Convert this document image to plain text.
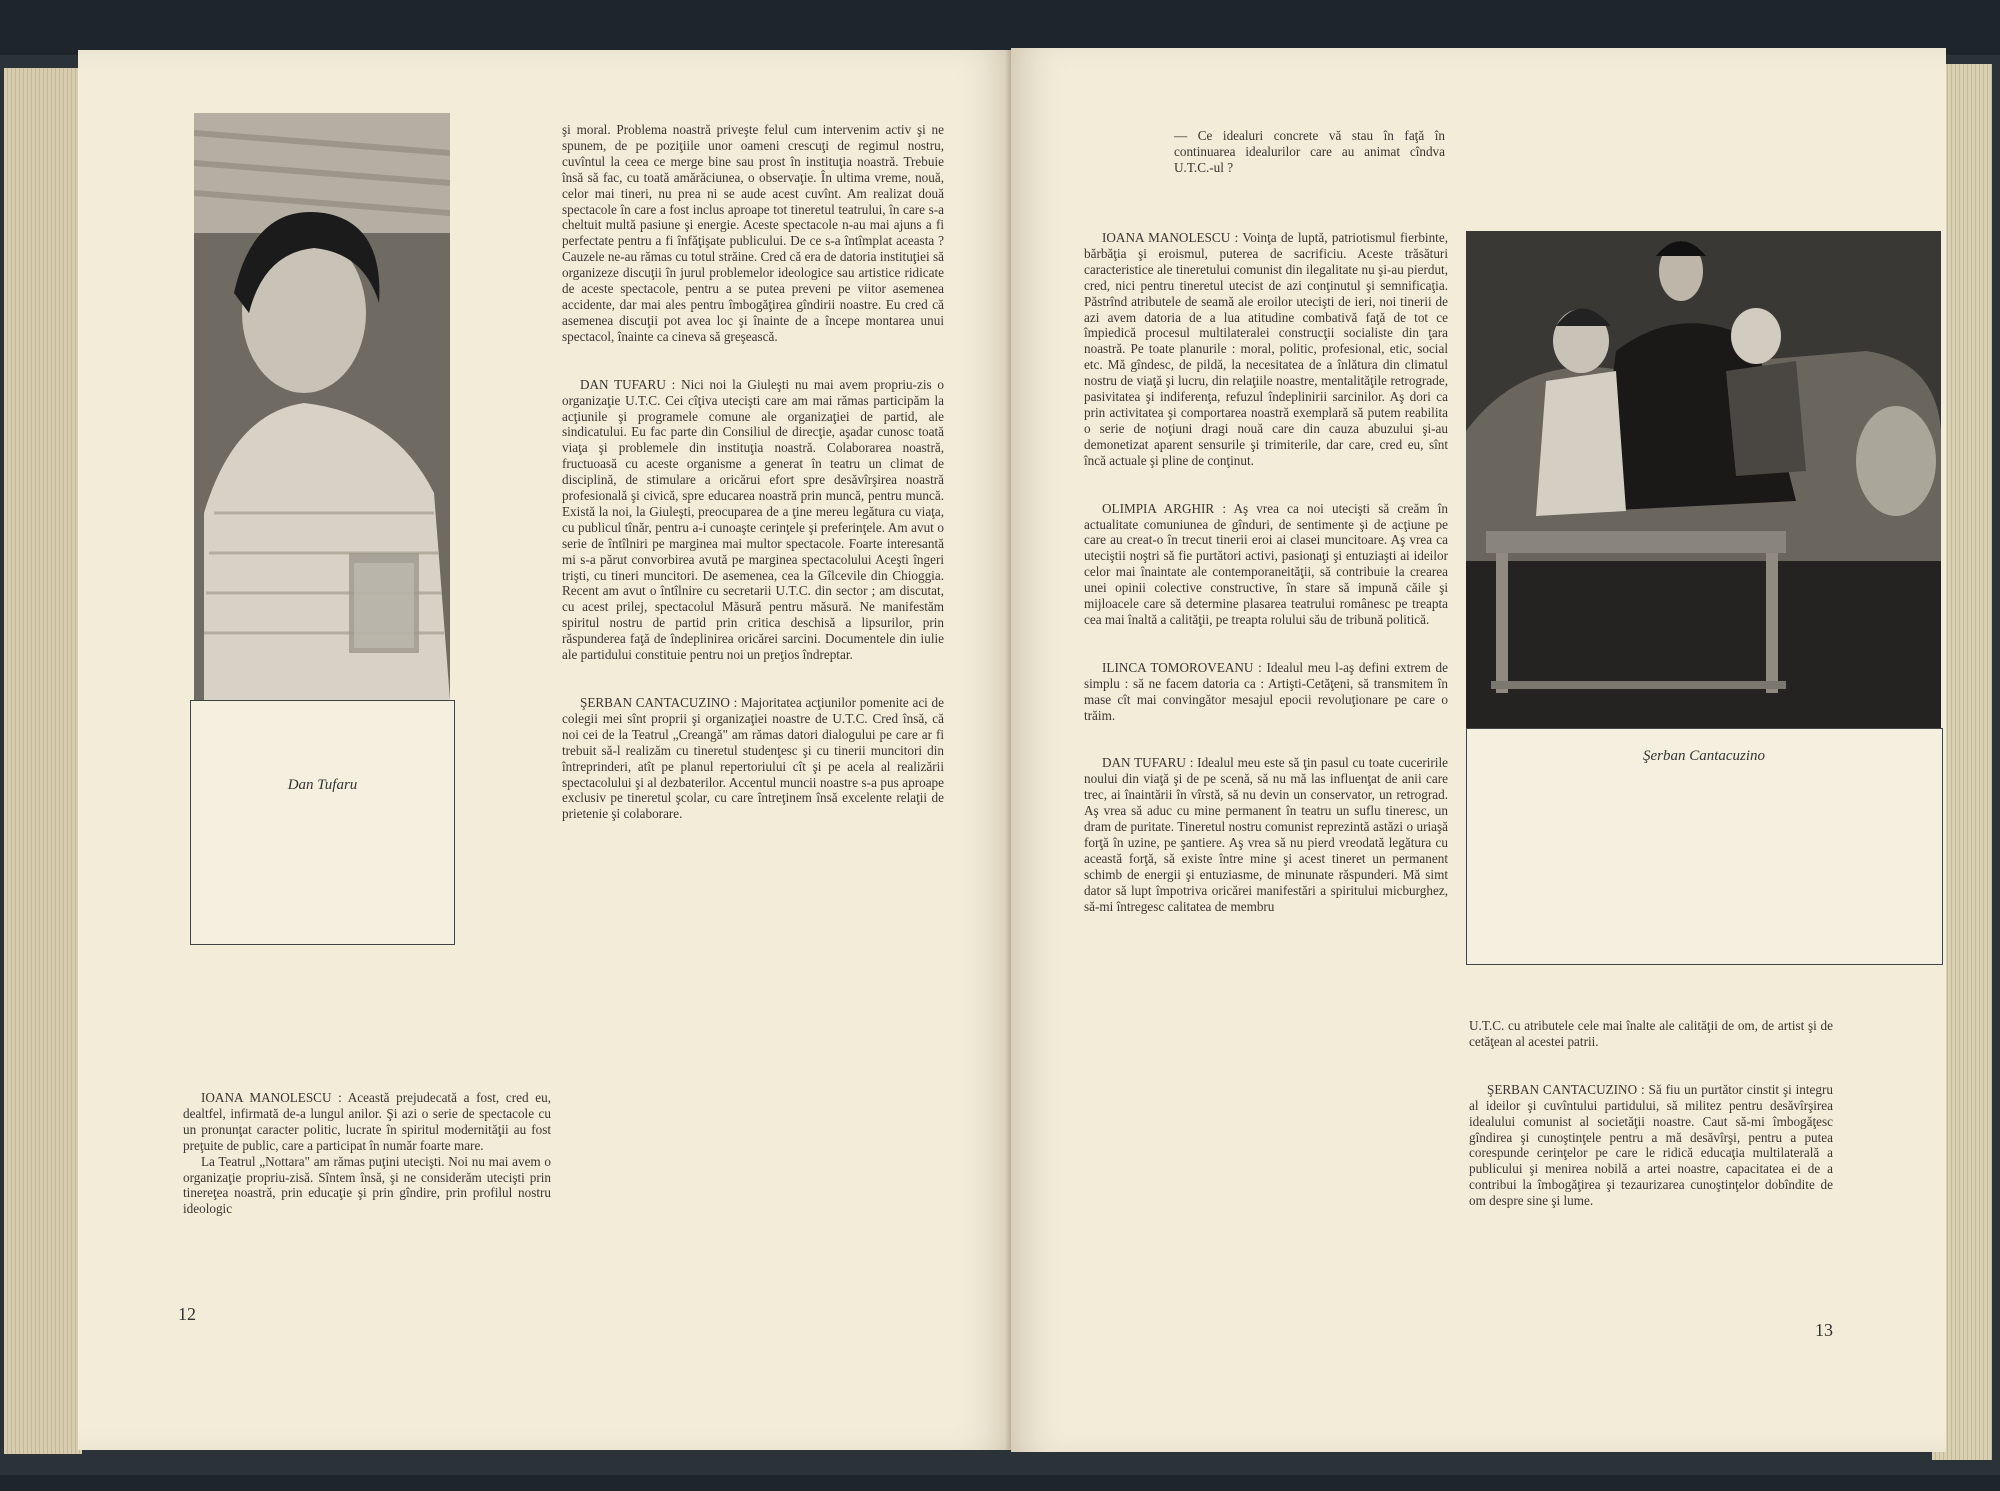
Dan Tufaru

şi moral. Problema noastră priveşte felul cum intervenim activ şi ne spunem, de pe poziţiile unor oameni crescuţi de regimul nostru, cuvîntul la ceea ce merge bine sau prost în instituţia noastră. Trebuie însă să fac, cu toată amărăciunea, o observaţie. În ultima vreme, nouă, celor mai tineri, nu prea ni se aude acest cuvînt. Am realizat două spectacole în care a fost inclus aproape tot tineretul teatrului, în care s-a cheltuit multă pasiune şi energie. Aceste spectacole n-au mai ajuns a fi perfectate pentru a fi înfăţişate publicului. De ce s-a întîmplat aceasta ? Cauzele ne-au rămas cu totul străine. Cred că era de datoria instituţiei să organizeze discuţii în jurul problemelor ideologice sau artistice ridicate de aceste spectacole, pentru a se putea preveni pe viitor asemenea accidente, dar mai ales pentru îmbogăţirea gîndirii noastre. Eu cred că asemenea discuţii pot avea loc şi înainte de a începe montarea unui spectacol, înainte ca cineva să greşească.

DAN TUFARU : Nici noi la Giuleşti nu mai avem propriu-zis o organizaţie U.T.C. Cei cîţiva utecişti care am mai rămas participăm la acţiunile şi programele comune ale organizaţiei de partid, ale sindicatului. Eu fac parte din Consiliul de direcţie, aşadar cunosc toată viaţa şi problemele din instituţia noastră. Colaborarea noastră, fructuoasă cu aceste organisme a generat în teatru un climat de disciplină, de stimulare a oricărui efort spre desăvîrşirea noastră profesională şi civică, spre educarea noastră prin muncă, pentru muncă. Există la noi, la Giuleşti, preocuparea de a ţine mereu legătura cu viaţa, cu publicul tînăr, pentru a-i cunoaşte cerinţele şi preferinţele. Am avut o serie de întîlniri pe marginea mai multor spectacole. Foarte interesantă mi s-a părut convorbirea avută pe marginea spectacolului Aceşti îngeri trişti, cu tineri muncitori. De asemenea, cea la Gîlcevile din Chioggia. Recent am avut o întîlnire cu secretarii U.T.C. din sector ; am discutat, cu acest prilej, spectacolul Măsură pentru măsură. Ne manifestăm spiritul nostru de partid prin critica deschisă a lipsurilor, prin răspunderea faţă de îndeplinirea oricărei sarcini. Documentele din iulie ale partidului constituie pentru noi un preţios îndreptar.

ŞERBAN CANTACUZINO : Majoritatea acţiunilor pomenite aci de colegii mei sînt proprii şi organizaţiei noastre de U.T.C. Cred însă, că noi cei de la Teatrul „Creangă" am rămas datori dialogului pe care ar fi trebuit să-l realizăm cu tineretul studenţesc şi cu tinerii muncitori din întreprinderi, atît pe planul repertoriului cît şi pe acela al realizării spectacolului şi al dezbaterilor. Accentul muncii noastre s-a pus aproape exclusiv pe tineretul şcolar, cu care întreţinem însă excelente relaţii de prietenie şi colaborare.

IOANA MANOLESCU : Această prejudecată a fost, cred eu, dealtfel, infirmată de-a lungul anilor. Şi azi o serie de spectacole cu un pronunţat caracter politic, lucrate în spiritul modernităţii au fost preţuite de public, care a participat în număr foarte mare.

La Teatrul „Nottara" am rămas puţini utecişti. Noi nu mai avem o organizaţie propriu-zisă. Sîntem însă, şi ne considerăm utecişti prin tinereţea noastră, prin educaţie şi prin gîndire, prin profilul nostru ideologic

12

— Ce idealuri concrete vă stau în faţă în continuarea idealurilor care au animat cîndva U.T.C.-ul ?

IOANA MANOLESCU : Voinţa de luptă, patriotismul fierbinte, bărbăţia şi eroismul, puterea de sacrificiu. Aceste trăsături caracteristice ale tineretului comunist din ilegalitate nu şi-au pierdut, cred, nici pentru tineretul utecist de azi conţinutul şi semnificaţia. Păstrînd atributele de seamă ale eroilor utecişti de ieri, noi tinerii de azi avem datoria de a lua atitudine combativă faţă de tot ce împiedică procesul multilateralei construcţii socialiste din ţara noastră. Pe toate planurile : moral, politic, profesional, etic, social etc. Mă gîndesc, de pildă, la necesitatea de a înlătura din climatul nostru de viaţă şi lucru, din relaţiile noastre, mentalităţile retrograde, pasivitatea şi indiferenţa, refuzul îndeplinirii sarcinilor. Aş dori ca prin activitatea şi comportarea noastră exemplară să putem reabilita o serie de noţiuni dragi nouă care din cauza abuzului şi-au demonetizat aparent sensurile şi trimiterile, dar care, cred eu, sînt încă actuale şi pline de conţinut.

OLIMPIA ARGHIR : Aş vrea ca noi utecişti să creăm în actualitate comuniunea de gînduri, de sentimente şi de acţiune pe care au creat-o în trecut tinerii eroi ai clasei muncitoare. Aş vrea ca uteciştii noştri să fie purtători activi, pasionaţi şi entuziaşti ai ideilor celor mai înaintate ale contemporaneităţii, să contribuie la crearea unei opinii colective constructive, în stare să impună căile şi mijloacele care să determine plasarea teatrului românesc pe treapta cea mai înaltă a calităţii, pe treapta rolului său de tribună politică.

ILINCA TOMOROVEANU : Idealul meu l-aş defini extrem de simplu : să ne facem datoria ca : Artişti-Cetăţeni, să transmitem în mase cît mai convingător mesajul epocii revoluţionare pe care o trăim.

DAN TUFARU : Idealul meu este să ţin pasul cu toate cuceririle noului din viaţă şi de pe scenă, să nu mă las influenţat de anii care trec, ai înaintării în vîrstă, să nu devin un conservator, un retrograd. Aş vrea să aduc cu mine permanent în teatru un suflu tineresc, un dram de puritate. Tineretul nostru comunist reprezintă astăzi o uriaşă forţă în uzine, pe şantiere. Aş vrea să nu pierd vreodată legătura cu această forţă, să existe între mine şi acest tineret un permanent schimb de energii şi entuziasme, de minunate răspunderi. Mă simt dator să lupt împotriva oricărei manifestări a spiritului micburghez, să-mi întregesc calitatea de membru

Şerban Cantacuzino

U.T.C. cu atributele cele mai înalte ale calităţii de om, de artist şi de cetăţean al acestei patrii.

ŞERBAN CANTACUZINO : Să fiu un purtător cinstit şi integru al ideilor şi cuvîntului partidului, să militez pentru desăvîrşirea idealului comunist al societăţii noastre. Caut să-mi îmbogăţesc gîndirea şi cunoştinţele pentru a mă desăvîrşi, pentru a putea corespunde cerinţelor pe care le ridică educaţia multilaterală a publicului şi menirea nobilă a artei noastre, capacitatea ei de a contribui la îmbogăţirea şi tezaurizarea cunoştinţelor dobîndite de om despre sine şi lume.

13
